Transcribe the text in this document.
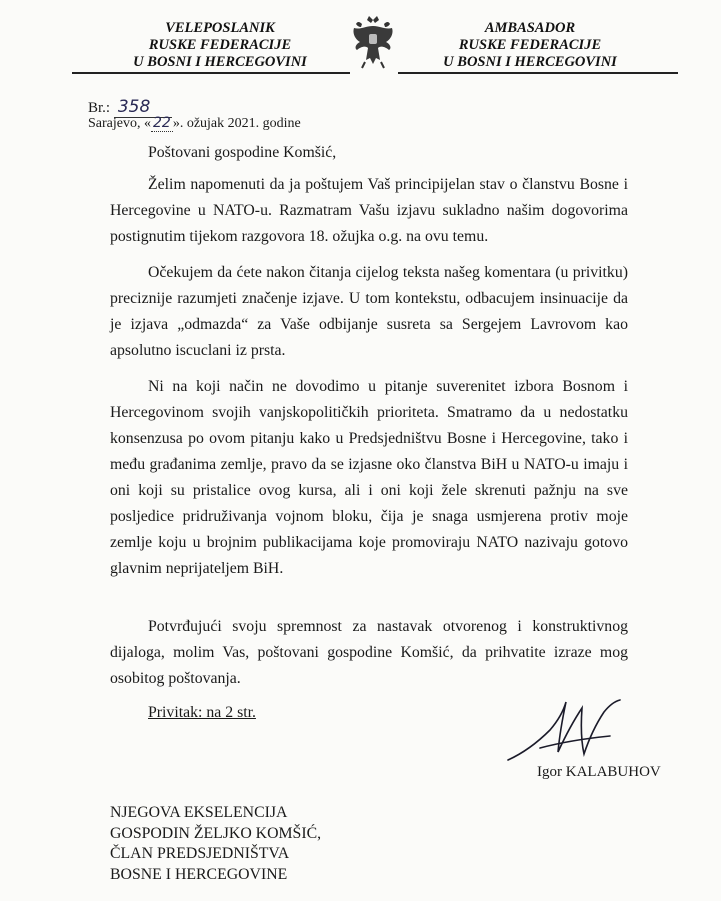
VELEPOSLANIK
RUSKE FEDERACIJE
U BOSNI I HERCEGOVINI
AMBASADOR
RUSKE FEDERACIJE
U BOSNI I HERCEGOVINI
Br.: 358
Sarajevo, « 22 ». ožujak 2021. godine
Poštovani gospodine Komšić,

Želim napomenuti da ja poštujem Vaš principijelan stav o članstvu Bosne i Hercegovine u NATO-u. Razmatram Vašu izjavu sukladno našim dogovorima postignutim tijekom razgovora 18. ožujka o.g. na ovu temu.

Očekujem da ćete nakon čitanja cijelog teksta našeg komentara (u privitku) preciznije razumjeti značenje izjave. U tom kontekstu, odbacujem insinuacije da je izjava „odmazda“ za Vaše odbijanje susreta sa Sergejem Lavrovom kao apsolutno iscuclani iz prsta.

Ni na koji način ne dovodimo u pitanje suverenitet izbora Bosnom i Hercegovinom svojih vanjskopolitičkih prioriteta. Smatramo da u nedostatku konsenzusa po ovom pitanju kako u Predsjedništvu Bosne i Hercegovine, tako i među građanima zemlje, pravo da se izjasne oko članstva BiH u NATO-u imaju i oni koji su pristalice ovog kursa, ali i oni koji žele skrenuti pažnju na sve posljedice pridruživanja vojnom bloku, čija je snaga usmjerena protiv moje zemlje koju u brojnim publikacijama koje promoviraju NATO nazivaju gotovo glavnim neprijateljem BiH.

Potvrđujući svoju spremnost za nastavak otvorenog i konstruktivnog dijaloga, molim Vas, poštovani gospodine Komšić, da prihvatite izraze mog osobitog poštovanja.

Privitak: na 2 str.
Igor KALABUHOV
NJEGOVA EKSELENCIJA
GOSPODIN ŽELJKO KOMŠIĆ,
ČLAN PREDSJEDNIŠTVA
BOSNE I HERCEGOVINE
